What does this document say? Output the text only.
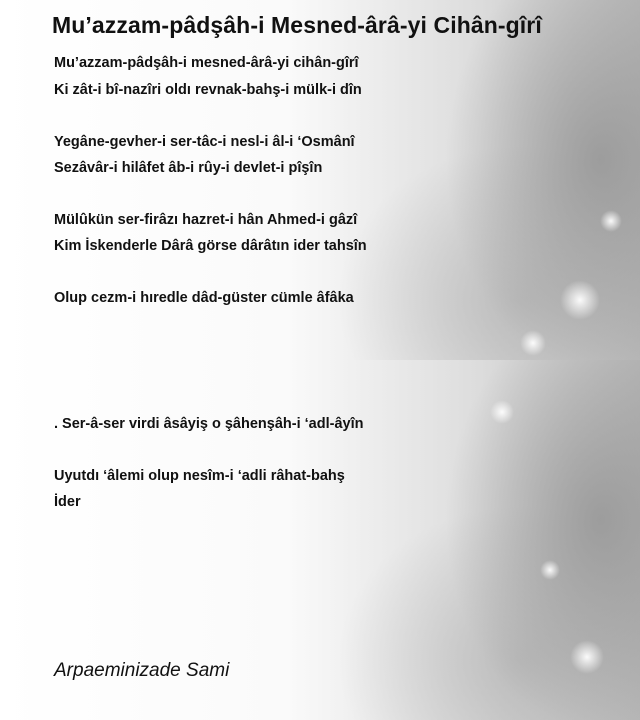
Mu’azzam-pâdşâh-i Mesned-ârâ-yi Cihân-gîrî
Mu’azzam-pâdşâh-i mesned-ârâ-yi cihân-gîrî
Ki zât-i bî-nazîri oldı revnak-bahş-i mülk-i dîn
Yegâne-gevher-i ser-tâc-i nesl-i âl-i ‘Osmânî
Sezâvâr-i hilâfet âb-i rûy-i devlet-i pîşîn
Mülûkün ser-firâzı hazret-i hân Ahmed-i gâzî
Kim İskenderle Dârâ görse dârâtın ider tahsîn
Olup cezm-i hıredle dâd-güster cümle âfâka
. Ser-â-ser virdi âsâyiş o şâhenşâh-i ‘adl-âyîn
Uyutdı ‘âlemi olup nesîm-i ‘adli râhat-bahş
İder
Arpaeminizade Sami
